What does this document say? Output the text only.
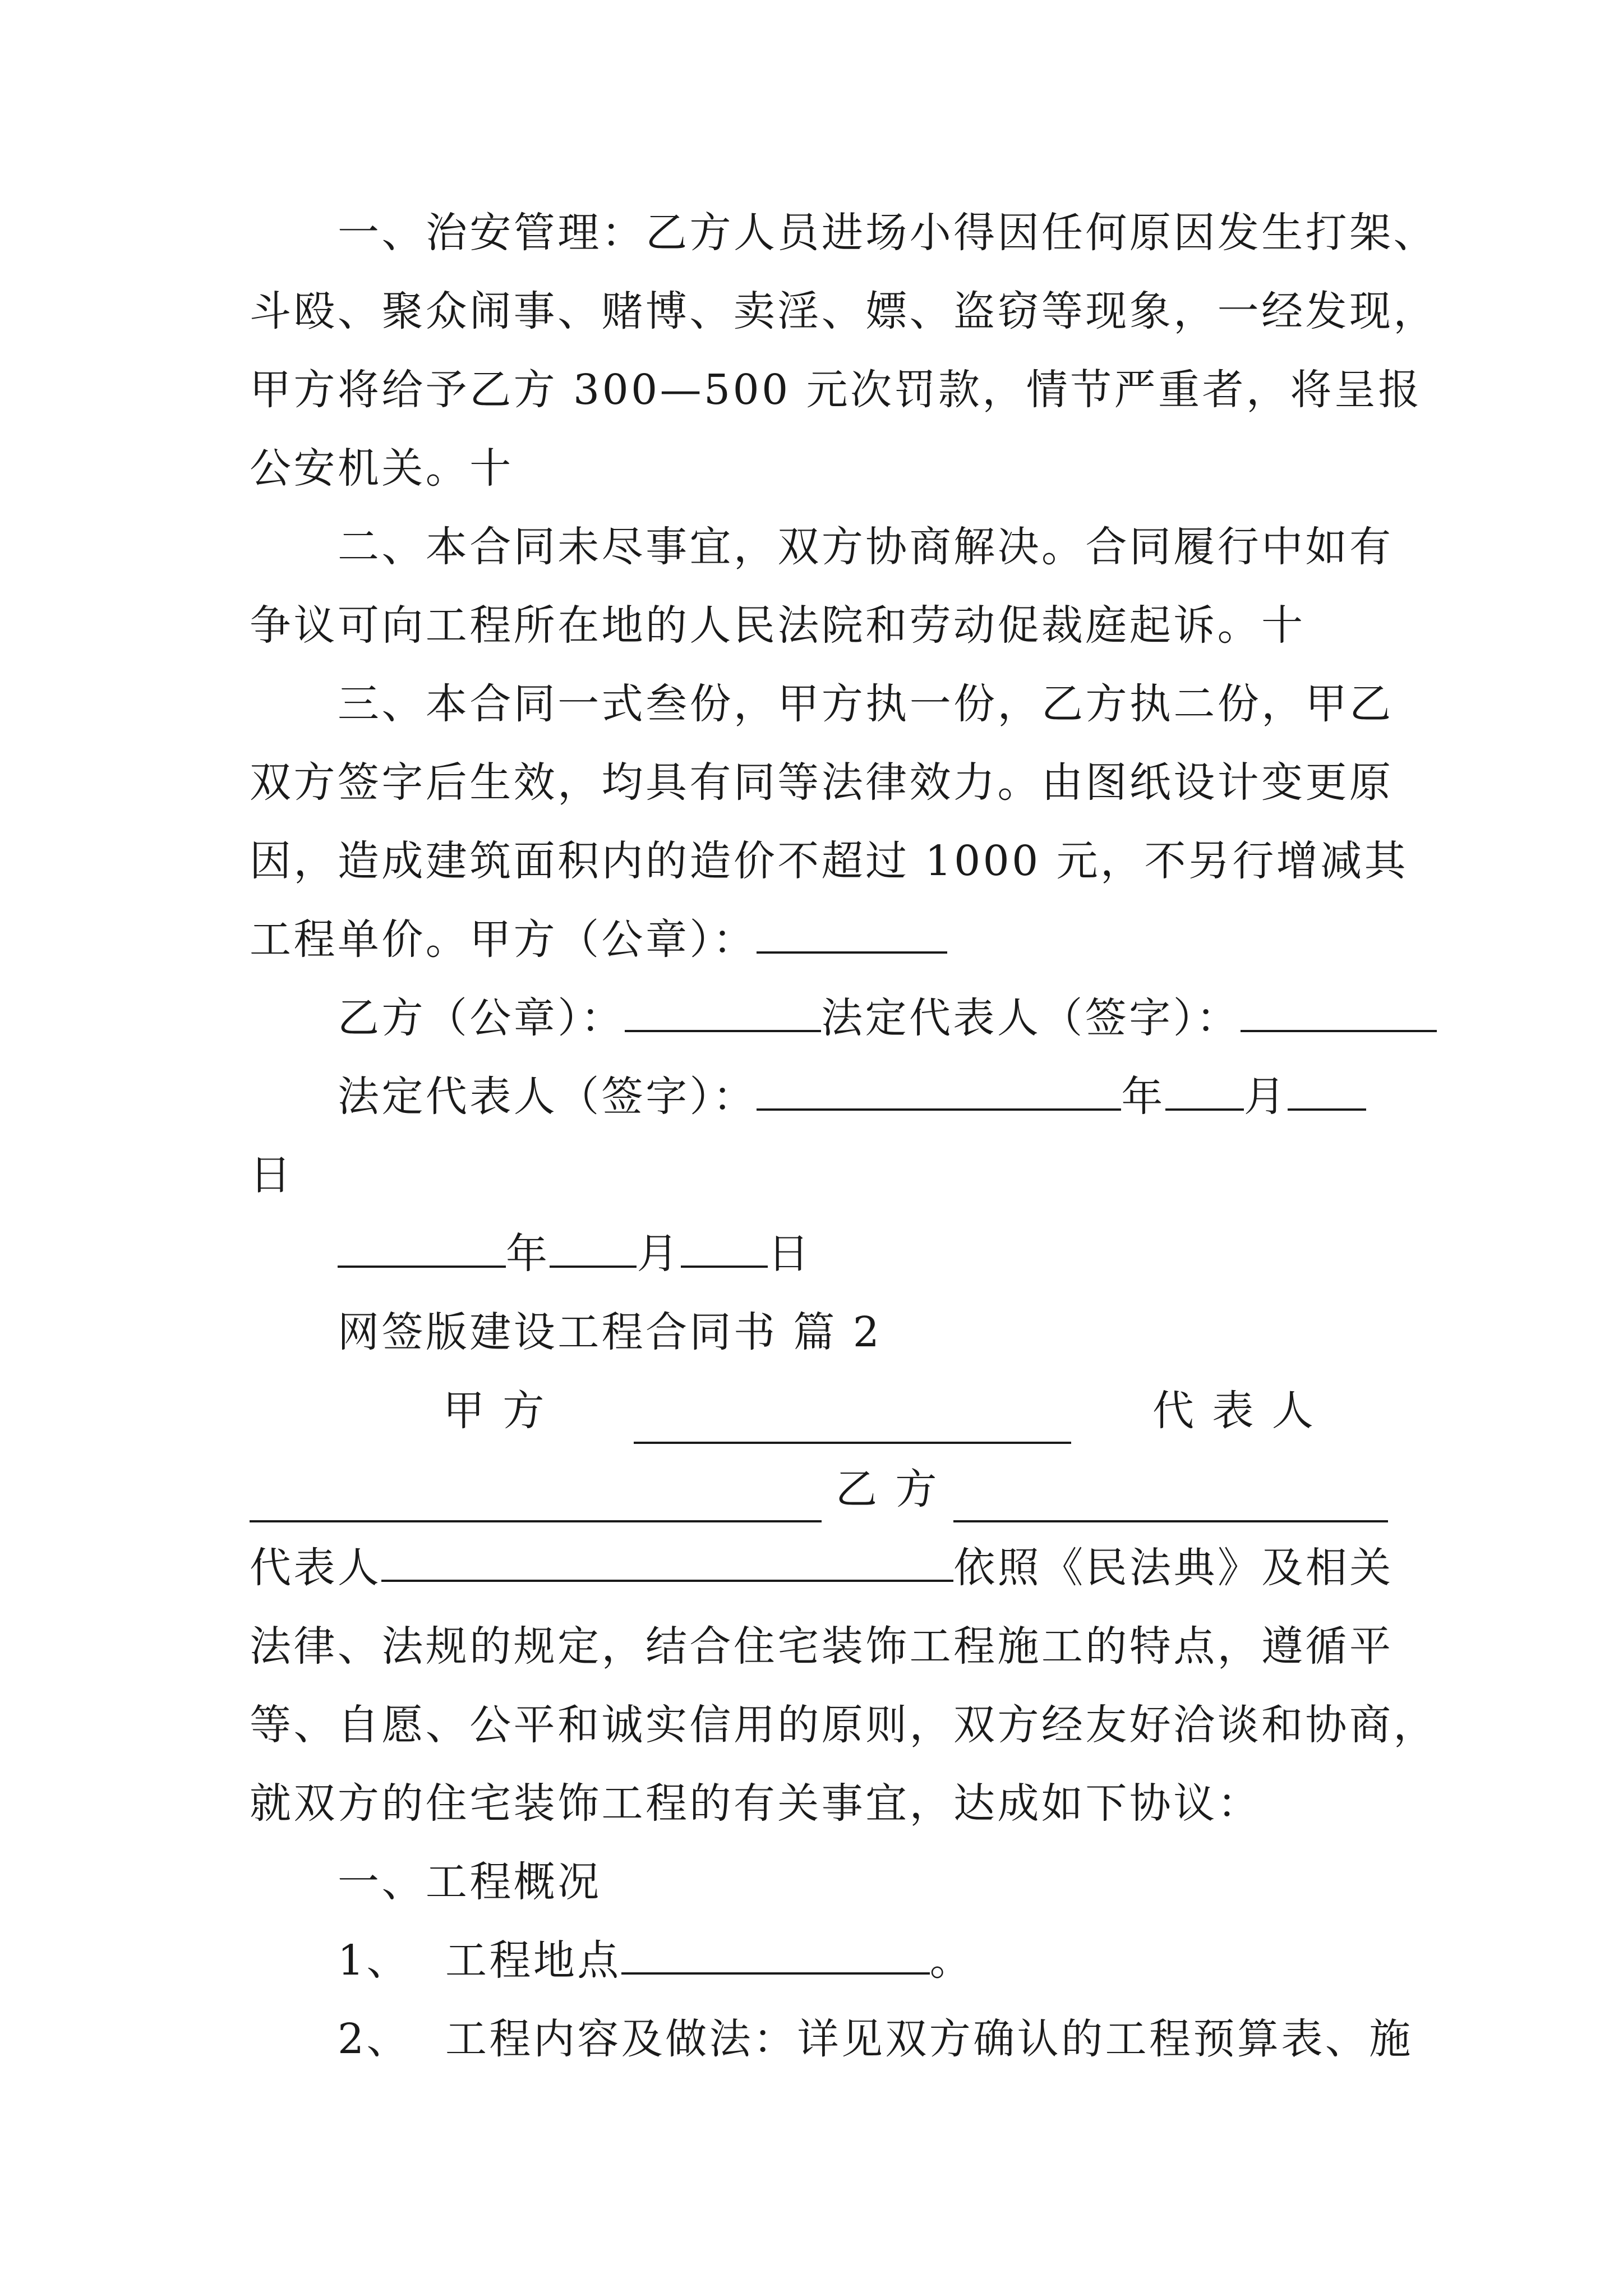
一、治安管理：乙方人员进场小得因任何原因发生打架、
斗殴、聚众闹事、赌博、卖淫、嫖、盗窃等现象，一经发现，
甲方将给予乙方 300—500 元次罚款，情节严重者，将呈报
公安机关。十
二、本合同未尽事宜，双方协商解决。合同履行中如有
争议可向工程所在地的人民法院和劳动促裁庭起诉。十
三、本合同一式叁份，甲方执一份，乙方执二份，甲乙
双方签字后生效，均具有同等法律效力。由图纸设计变更原
因，造成建筑面积内的造价不超过 1000 元，不另行增减其
工程单价。甲方（公章）：
乙方（公章）：	法定代表人（签字）：
法定代表人（签字）：	年 月
日
年 月 日
网签版建设工程合同书 篇 2
甲 方	代 表 人
乙 方
代表人	依照《民法典》及相关
法律、法规的规定，结合住宅装饰工程施工的特点，遵循平
等、自愿、公平和诚实信用的原则，双方经友好洽谈和协商，
就双方的住宅装饰工程的有关事宜，达成如下协议：
一、工程概况
1、 工程地点	。
2、 工程内容及做法：详见双方确认的工程预算表、施
